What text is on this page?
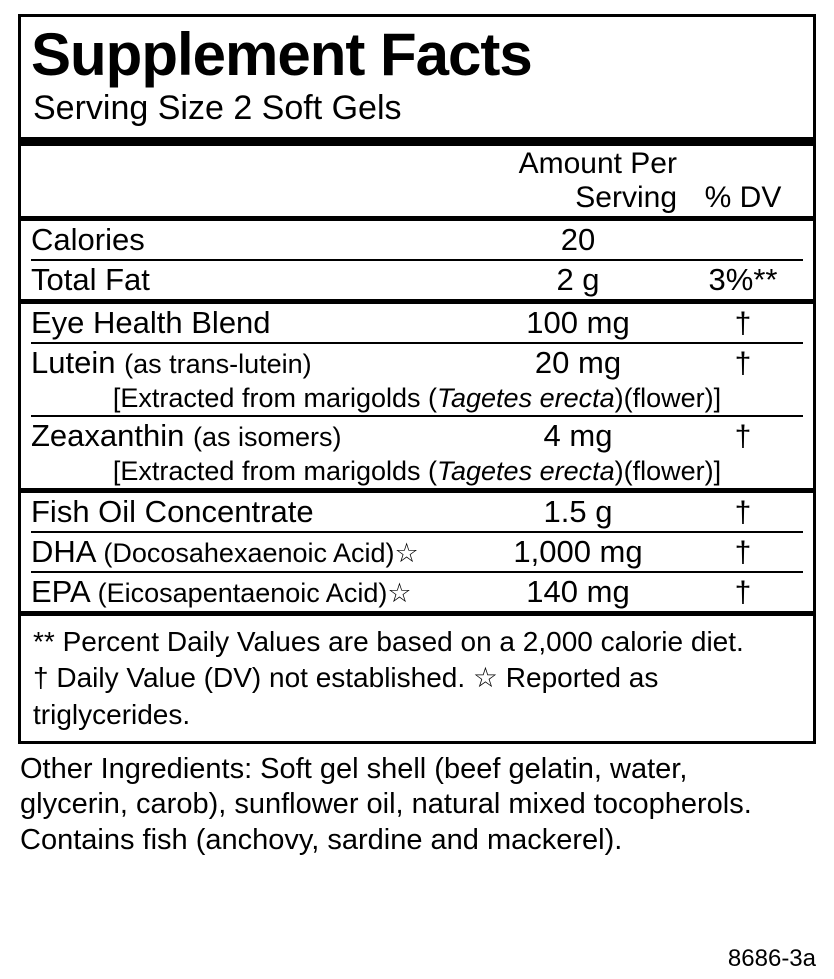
Supplement Facts
Serving Size 2 Soft Gels
	Amount Per Serving	% DV
Calories	20	
Total Fat	2 g	3%**
Eye Health Blend	100 mg	†
Lutein (as trans-lutein)	20 mg	†
[Extracted from marigolds (Tagetes erecta)(flower)]		
Zeaxanthin (as isomers)	4 mg	†
[Extracted from marigolds (Tagetes erecta)(flower)]		
Fish Oil Concentrate	1.5 g	†
DHA (Docosahexaenoic Acid)☆	1,000 mg	†
EPA (Eicosapentaenoic Acid)☆	140 mg	†
** Percent Daily Values are based on a 2,000 calorie diet.
† Daily Value (DV) not established. ☆ Reported as triglycerides.
Other Ingredients: Soft gel shell (beef gelatin, water,
glycerin, carob), sunflower oil, natural mixed tocopherols.
Contains fish (anchovy, sardine and mackerel).
8686-3a
